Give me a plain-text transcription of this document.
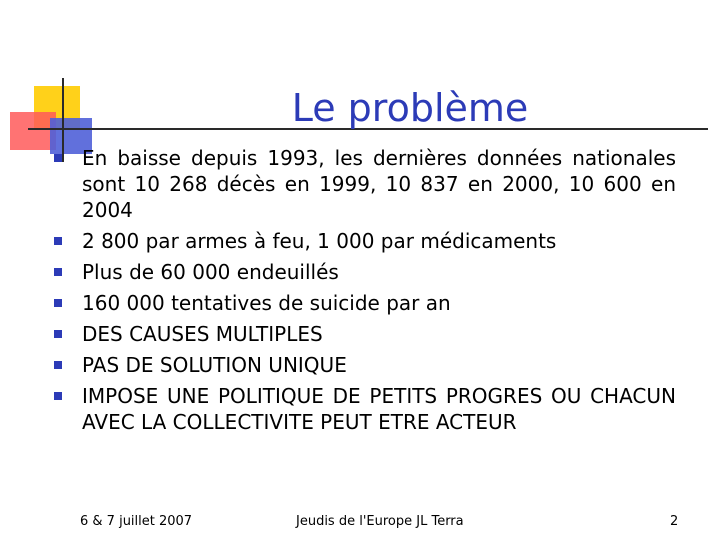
Le problème
En baisse depuis 1993, les dernières données nationales sont 10 268 décès en 1999, 10 837 en 2000, 10 600 en 2004
2 800 par armes à feu, 1 000 par médicaments
Plus de 60 000 endeuillés
160 000 tentatives de suicide par an
DES CAUSES MULTIPLES
PAS DE SOLUTION UNIQUE
IMPOSE UNE POLITIQUE DE PETITS PROGRES OU CHACUN AVEC LA COLLECTIVITE PEUT ETRE ACTEUR
6 & 7 juillet 2007	Jeudis de l'Europe JL Terra	2
